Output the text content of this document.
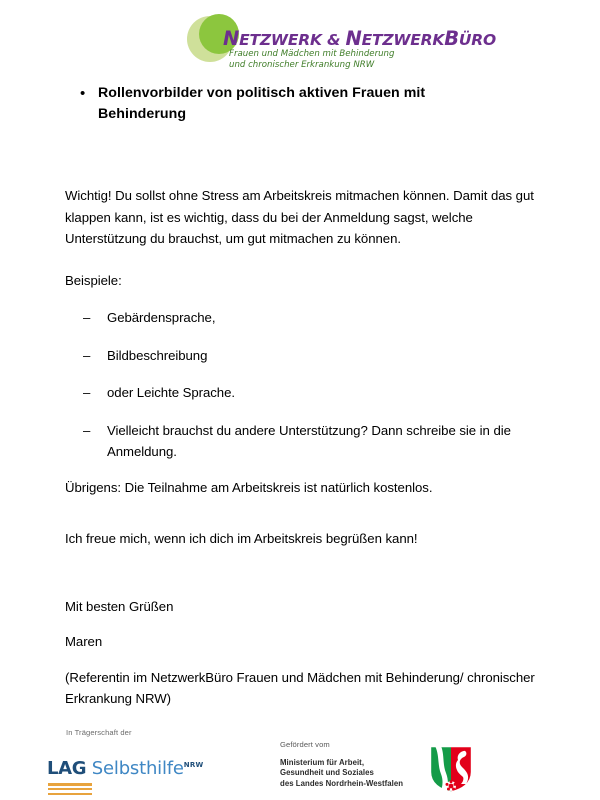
NETZWERK & NETZWERKBÜRO
Frauen und Mädchen mit Behinderung
und chronischer Erkrankung NRW
• Rollenvorbilder von politisch aktiven Frauen mit Behinderung

Wichtig! Du sollst ohne Stress am Arbeitskreis mitmachen können. Damit das gut klappen kann, ist es wichtig, dass du bei der Anmeldung sagst, welche Unterstützung du brauchst, um gut mitmachen zu können.

Beispiele:

–	Gebärdensprache,
–	Bildbeschreibung
–	oder Leichte Sprache.
–	Vielleicht brauchst du andere Unterstützung? Dann schreibe sie in die Anmeldung.

Übrigens: Die Teilnahme am Arbeitskreis ist natürlich kostenlos.

Ich freue mich, wenn ich dich im Arbeitskreis begrüßen kann!

Mit besten Grüßen

Maren

(Referentin im NetzwerkBüro Frauen und Mädchen mit Behinderung/ chronischer Erkrankung NRW)

In Trägerschaft der
LAG Selbsthilfe$^{NRW}$
Gefördert vom
Ministerium für Arbeit,
Gesundheit und Soziales
des Landes Nordrhein-Westfalen
